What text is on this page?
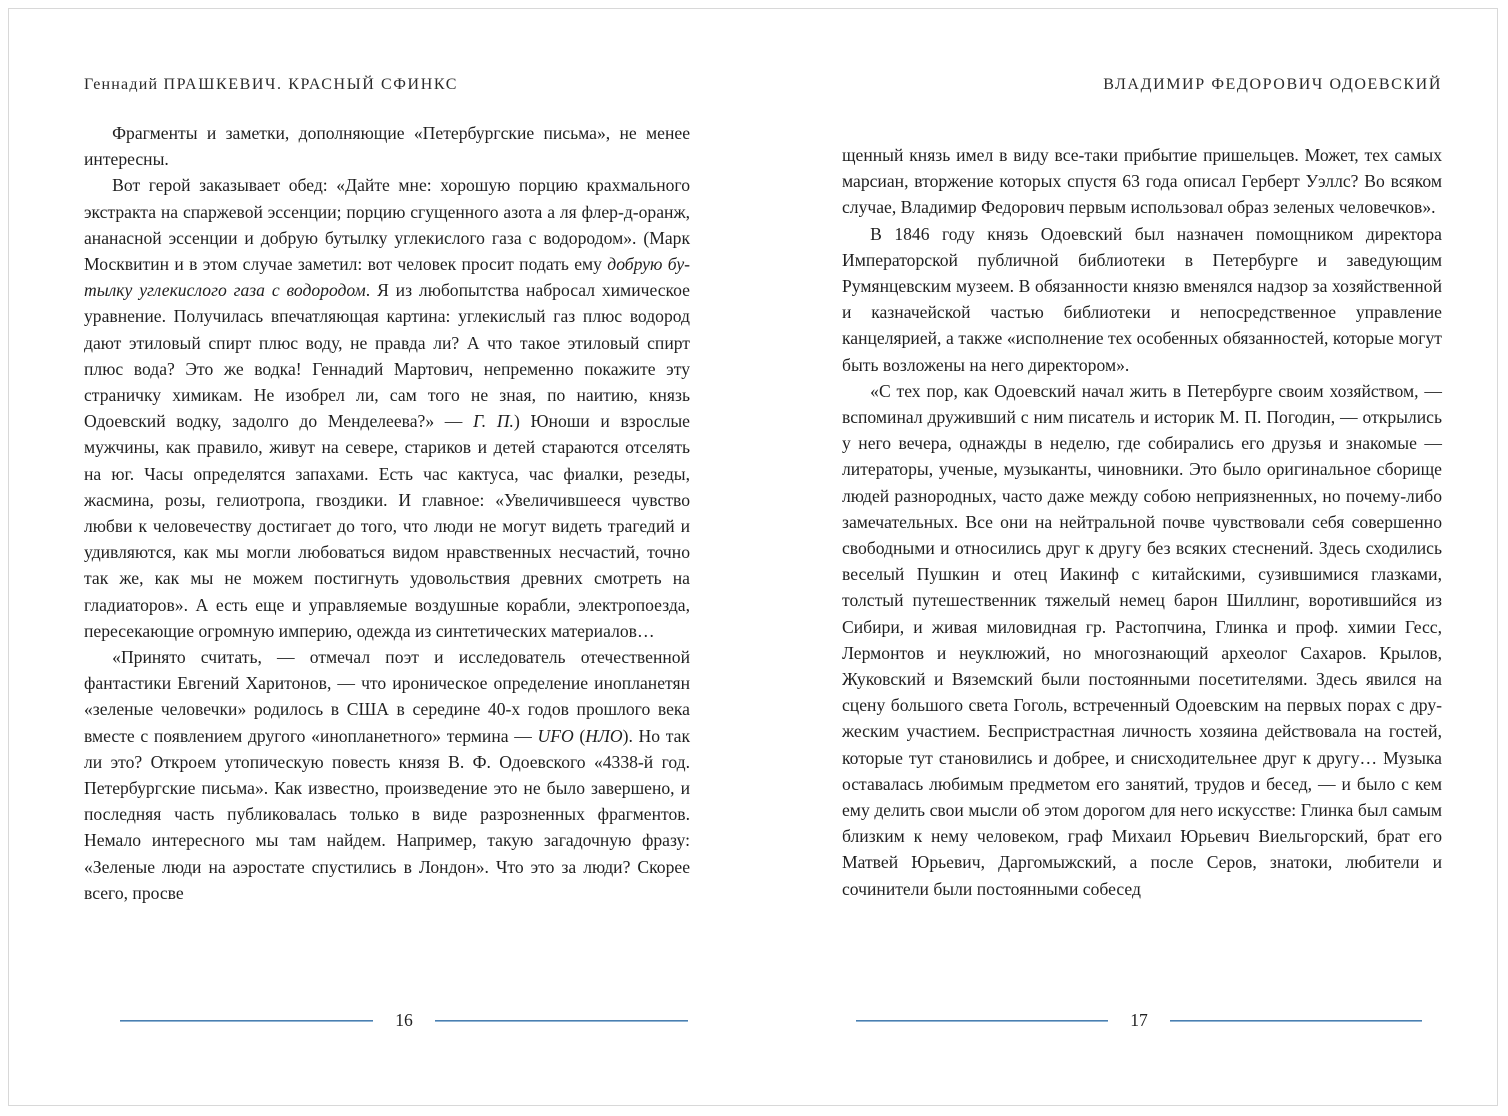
Геннадий ПРАШКЕВИЧ. КРАСНЫЙ СФИНКС

Фрагменты и заметки, дополняющие «Петербургские письма», не менее интересны.

Вот герой заказывает обед: «Дайте мне: хорошую порцию крахмального экстракта на спаржевой эссенции; порцию сгущенного азота а ля флер-д-оранж, ананасной эссенции и добрую бутылку углекислого газа с водородом». (Марк Москвитин и в этом случае заметил: вот человек просит подать ему добрую бутылку углекислого газа с водородом. Я из любопытства набросал химическое уравнение. Получилась впечатляющая картина: углекислый газ плюс водород дают этиловый спирт плюс воду, не правда ли? А что такое этиловый спирт плюс вода? Это же водка! Геннадий Мартович, непременно покажите эту страничку химикам. Не изобрел ли, сам того не зная, по наитию, князь Одоевский водку, задолго до Менделеева?» — Г. П.) Юноши и взрослые мужчины, как правило, живут на севере, стариков и детей стараются отселять на юг. Часы определятся запахами. Есть час кактуса, час фиалки, резеды, жасмина, розы, гелиотропа, гвоздики. И главное: «Увеличившееся чувство любви к человечеству достигает до того, что люди не могут видеть трагедий и удивляются, как мы могли любоваться видом нравственных несчастий, точно так же, как мы не можем постигнуть удовольствия древних смотреть на гладиаторов». А есть еще и управляемые воздушные корабли, электропоезда, пересекающие огромную империю, одежда из синтетических материалов…

«Принято считать, — отмечал поэт и исследователь отечественной фантастики Евгений Харитонов, — что ироническое определение инопланетян «зеленые человечки» родилось в США в середине 40-х годов прошлого века вместе с появлением другого «инопланетного» термина — UFO (НЛО). Но так ли это? Откроем утопическую повесть князя В. Ф. Одоевского «4338-й год. Петербургские письма». Как известно, произведение это не было завершено, и последняя часть публиковалась только в виде разрозненных фрагментов. Немало интересного мы там найдем. Например, такую загадочную фразу: «Зеленые люди на аэростате спустились в Лондон». Что это за люди? Скорее всего, просве

16
ВЛАДИМИР ФЕДОРОВИЧ ОДОЕВСКИЙ

щенный князь имел в виду все-таки прибытие пришельцев. Может, тех самых марсиан, вторжение которых спустя 63 года описал Герберт Уэллс? Во всяком случае, Владимир Федорович первым использовал образ зеленых человечков».

В 1846 году князь Одоевский был назначен помощником директора Императорской публичной библиотеки в Петербурге и заведующим Румянцевским музеем. В обязанности князю вменялся надзор за хозяйственной и казначейской частью библиотеки и непосредственное управление канцелярией, а также «исполнение тех особенных обязанностей, которые могут быть возложены на него директором».

«С тех пор, как Одоевский начал жить в Петербурге своим хозяйством, — вспоминал друживший с ним писатель и историк М. П. Погодин, — открылись у него вечера, однажды в неделю, где собирались его друзья и знакомые — литераторы, ученые, музыканты, чиновники. Это было оригинальное сборище людей разнородных, часто даже между собою неприязненных, но почему-либо замечательных. Все они на нейтральной почве чувствовали себя совершенно свободными и относились друг к другу без всяких стеснений. Здесь сходились веселый Пушкин и отец Иакинф с китайскими, сузившимися глазками, толстый путешественник тяжелый немец барон Шиллинг, воротившийся из Сибири, и живая миловидная гр. Растопчина, Глинка и проф. химии Гесс, Лермонтов и неуклюжий, но многознающий археолог Сахаров. Крылов, Жуковский и Вяземский были постоянными посетителями. Здесь явился на сцену большого света Гоголь, встреченный Одоевским на первых порах с дружеским участием. Беспристрастная личность хозяина действовала на гостей, которые тут становились и добрее, и снисходительнее друг к другу… Музыка оставалась любимым предметом его занятий, трудов и бесед, — и было с кем ему делить свои мысли об этом дорогом для него искусстве: Глинка был самым близким к нему человеком, граф Михаил Юрьевич Виельгорский, брат его Матвей Юрьевич, Даргомыжский, а после Серов, знатоки, любители и сочинители были постоянными собесед

17
